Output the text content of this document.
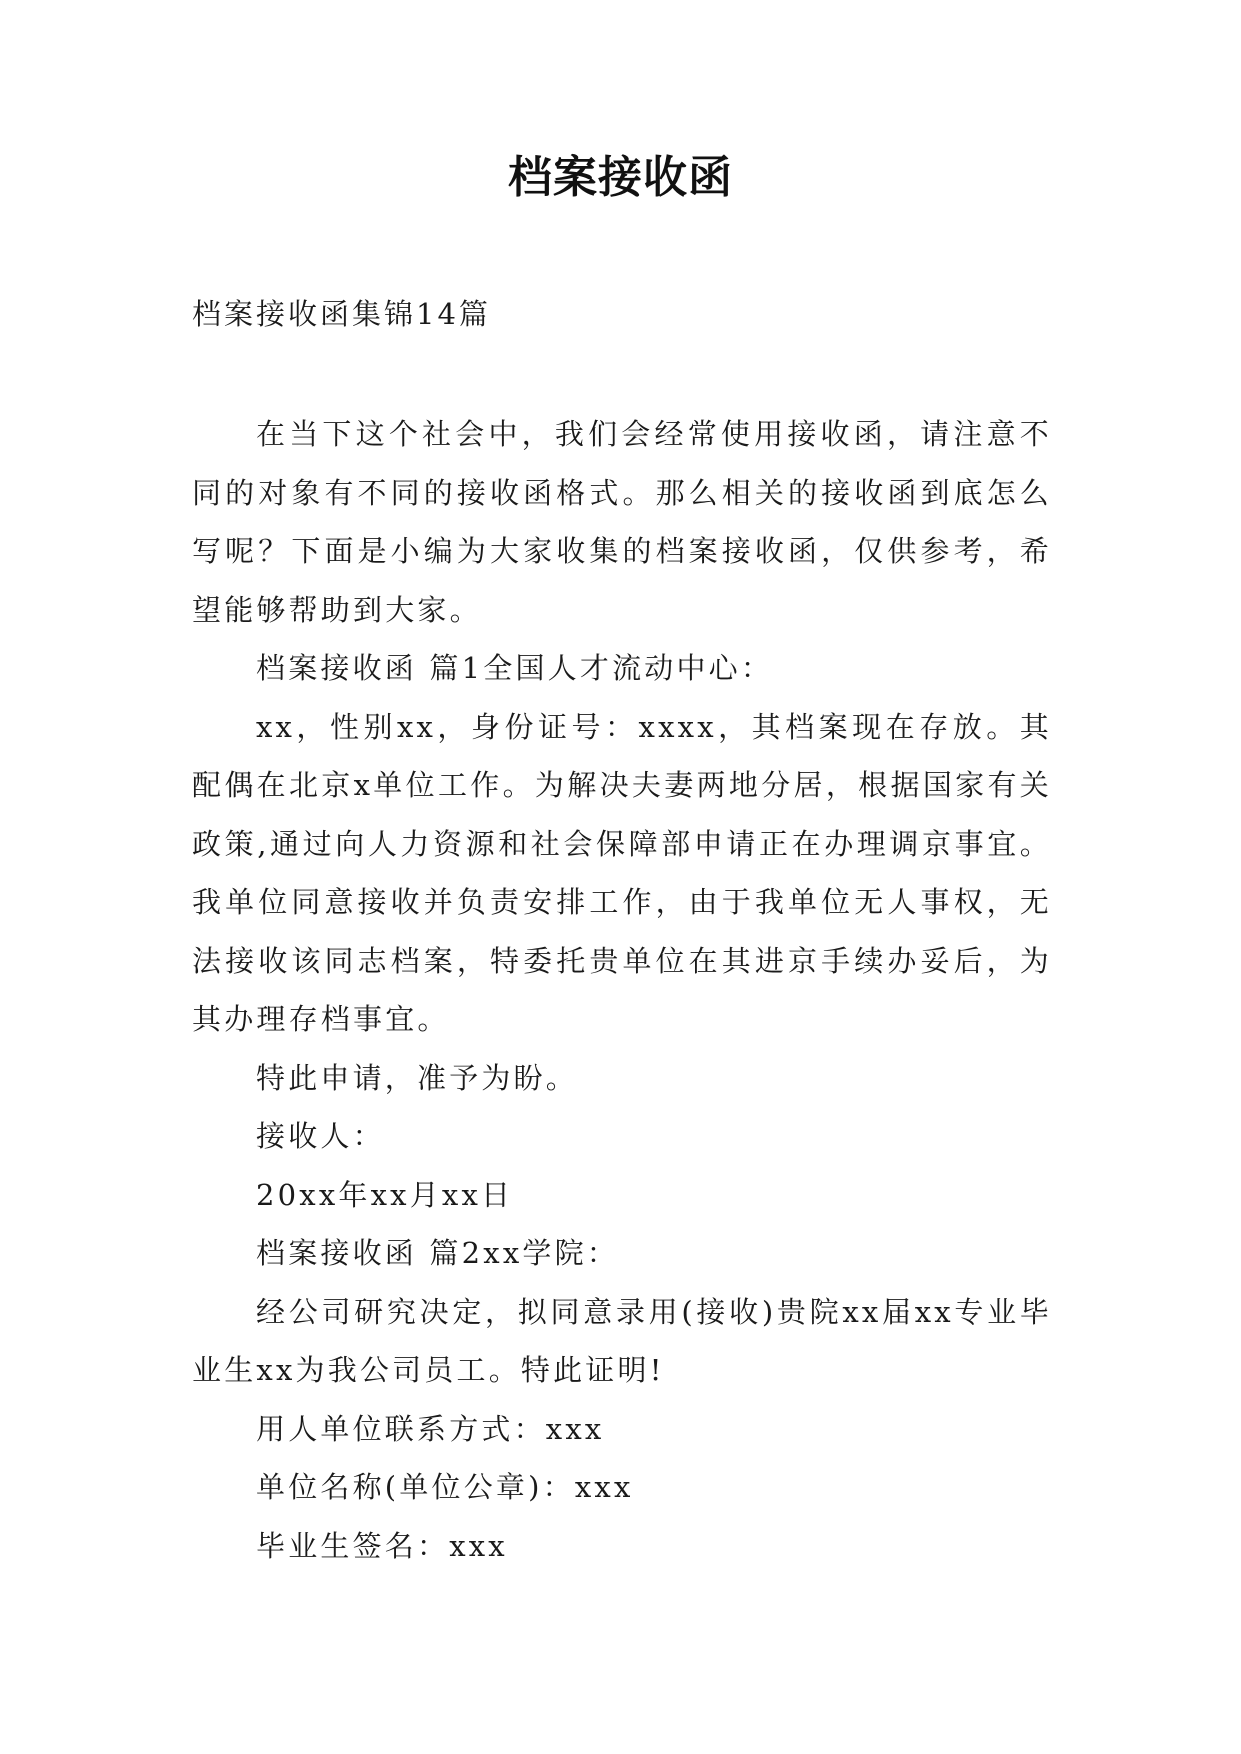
档案接收函
档案接收函集锦14篇

在当下这个社会中，我们会经常使用接收函，请注意不同的对象有不同的接收函格式。那么相关的接收函到底怎么写呢？下面是小编为大家收集的档案接收函，仅供参考，希望能够帮助到大家。

档案接收函 篇1全国人才流动中心：

xx，性别xx，身份证号：xxxx，其档案现在存放。其配偶在北京x单位工作。为解决夫妻两地分居，根据国家有关政策,通过向人力资源和社会保障部申请正在办理调京事宜。我单位同意接收并负责安排工作，由于我单位无人事权，无法接收该同志档案，特委托贵单位在其进京手续办妥后，为其办理存档事宜。

特此申请，准予为盼。

接收人：

20xx年xx月xx日

档案接收函 篇2xx学院：

经公司研究决定，拟同意录用(接收)贵院xx届xx专业毕业生xx为我公司员工。特此证明!

用人单位联系方式：xxx

单位名称(单位公章)：xxx

毕业生签名：xxx
